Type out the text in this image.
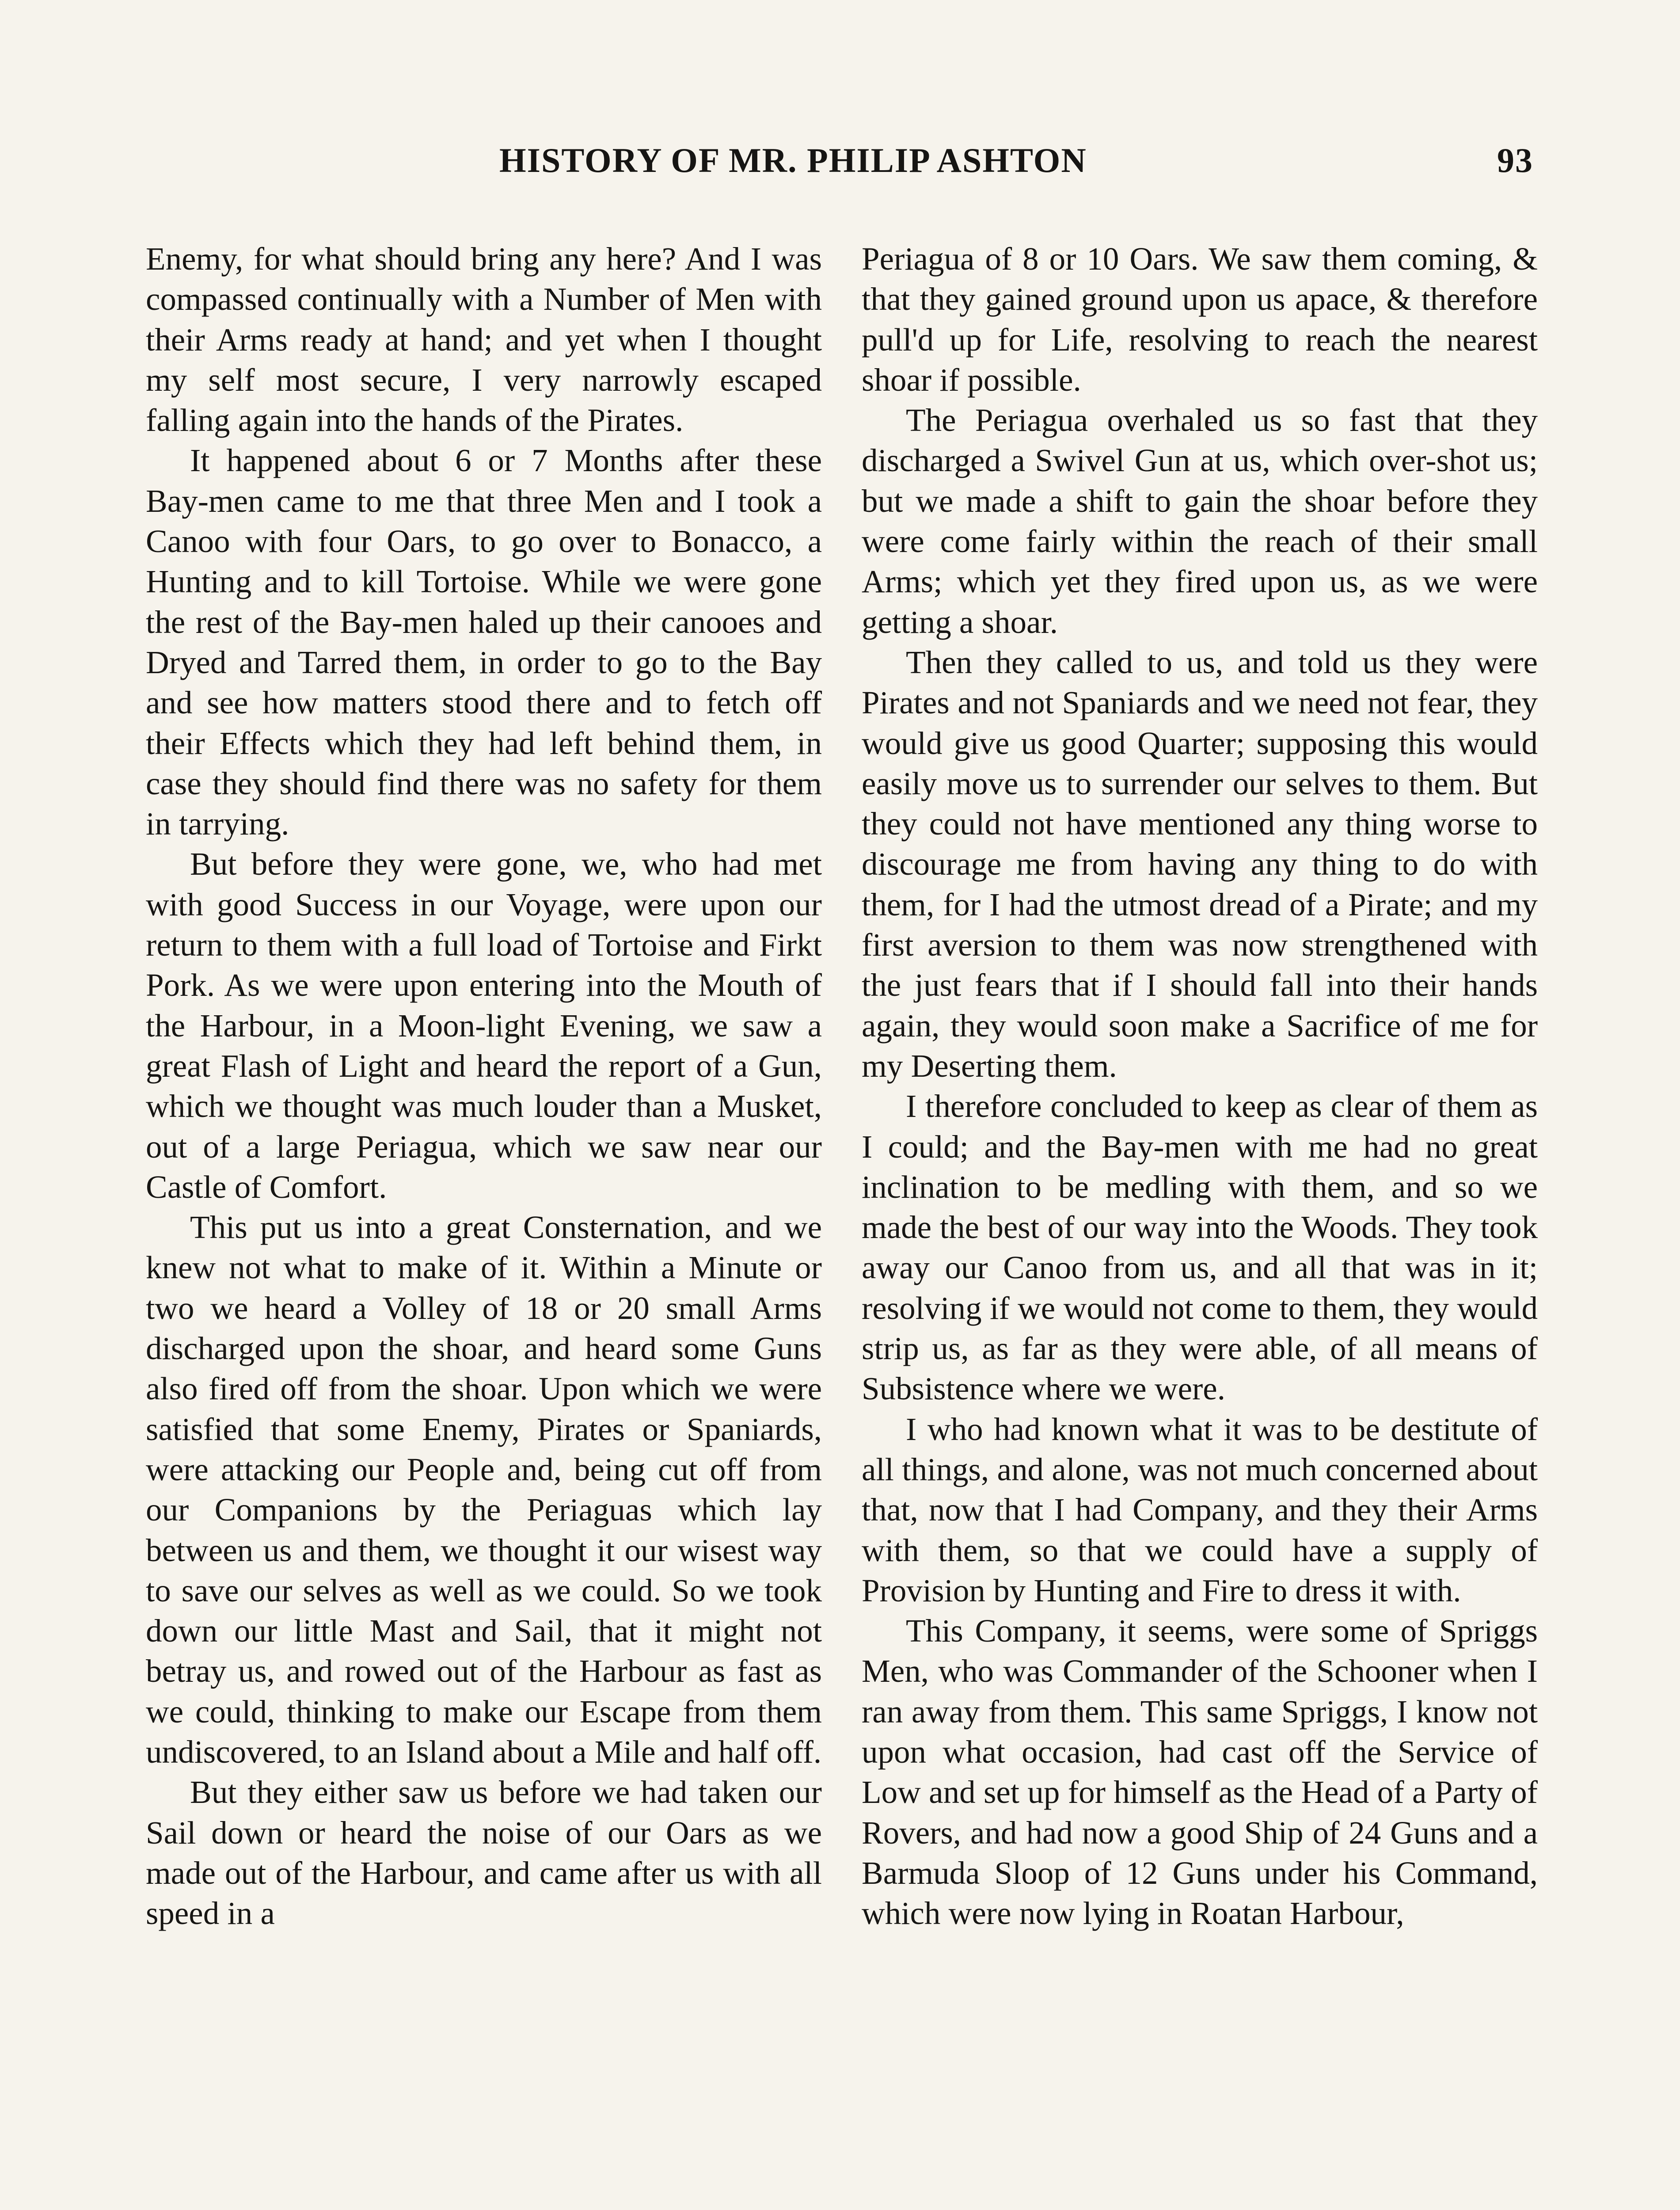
HISTORY OF MR. PHILIP ASHTON	93

Enemy, for what should bring any here? And I was compassed continually with a Number of Men with their Arms ready at hand; and yet when I thought my self most secure, I very narrowly escaped falling again into the hands of the Pirates.

It happened about 6 or 7 Months after these Bay-men came to me that three Men and I took a Canoo with four Oars, to go over to Bonacco, a Hunting and to kill Tortoise. While we were gone the rest of the Bay-men haled up their canooes and Dryed and Tarred them, in order to go to the Bay and see how matters stood there and to fetch off their Effects which they had left behind them, in case they should find there was no safety for them in tarrying.

But before they were gone, we, who had met with good Success in our Voyage, were upon our return to them with a full load of Tortoise and Firkt Pork. As we were upon entering into the Mouth of the Harbour, in a Moon-light Evening, we saw a great Flash of Light and heard the report of a Gun, which we thought was much louder than a Musket, out of a large Periagua, which we saw near our Castle of Comfort.

This put us into a great Consternation, and we knew not what to make of it. Within a Minute or two we heard a Volley of 18 or 20 small Arms discharged upon the shoar, and heard some Guns also fired off from the shoar. Upon which we were satisfied that some Enemy, Pirates or Spaniards, were attacking our People and, being cut off from our Companions by the Periaguas which lay between us and them, we thought it our wisest way to save our selves as well as we could. So we took down our little Mast and Sail, that it might not betray us, and rowed out of the Harbour as fast as we could, thinking to make our Escape from them undiscovered, to an Island about a Mile and half off.

But they either saw us before we had taken our Sail down or heard the noise of our Oars as we made out of the Harbour, and came after us with all speed in a

Periagua of 8 or 10 Oars. We saw them coming, & that they gained ground upon us apace, & therefore pull'd up for Life, resolving to reach the nearest shoar if possible.

The Periagua overhaled us so fast that they discharged a Swivel Gun at us, which over-shot us; but we made a shift to gain the shoar before they were come fairly within the reach of their small Arms; which yet they fired upon us, as we were getting a shoar.

Then they called to us, and told us they were Pirates and not Spaniards and we need not fear, they would give us good Quarter; supposing this would easily move us to surrender our selves to them. But they could not have mentioned any thing worse to discourage me from having any thing to do with them, for I had the utmost dread of a Pirate; and my first aversion to them was now strengthened with the just fears that if I should fall into their hands again, they would soon make a Sacrifice of me for my Deserting them.

I therefore concluded to keep as clear of them as I could; and the Bay-men with me had no great inclination to be medling with them, and so we made the best of our way into the Woods. They took away our Canoo from us, and all that was in it; resolving if we would not come to them, they would strip us, as far as they were able, of all means of Subsistence where we were.

I who had known what it was to be destitute of all things, and alone, was not much concerned about that, now that I had Company, and they their Arms with them, so that we could have a supply of Provision by Hunting and Fire to dress it with.

This Company, it seems, were some of Spriggs Men, who was Commander of the Schooner when I ran away from them. This same Spriggs, I know not upon what occasion, had cast off the Service of Low and set up for himself as the Head of a Party of Rovers, and had now a good Ship of 24 Guns and a Barmuda Sloop of 12 Guns under his Command, which were now lying in Roatan Harbour,
